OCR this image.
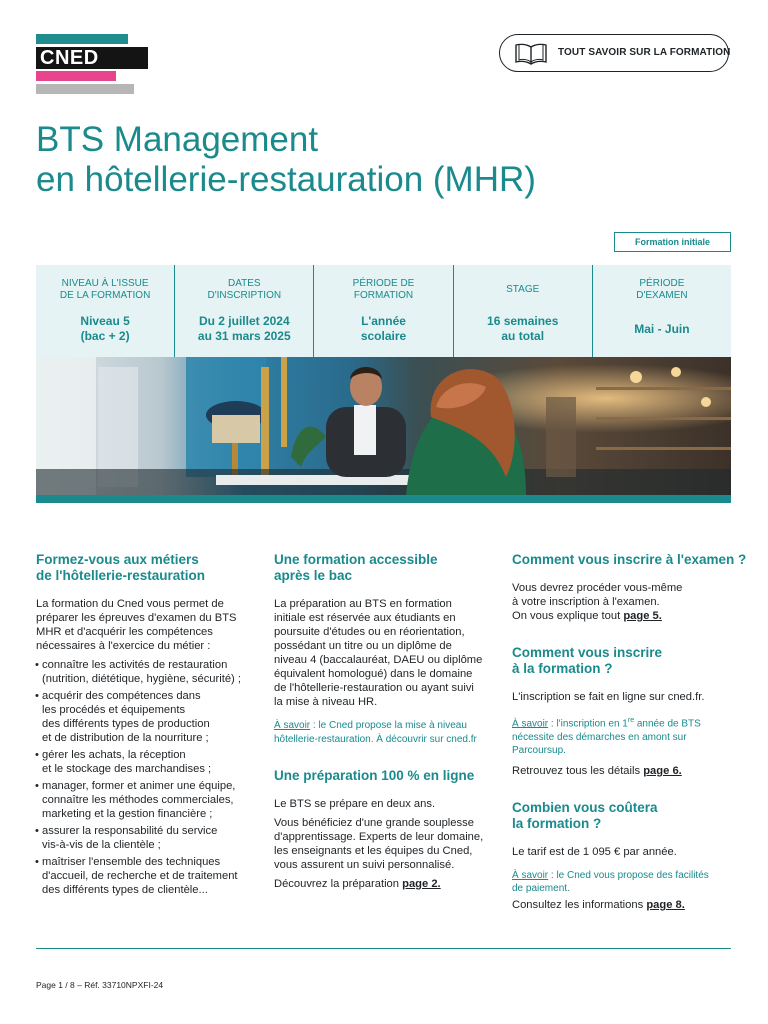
CNED	TOUT SAVOIR SUR LA FORMATION
BTS Management
en hôtellerie-restauration (MHR)
Formation initiale
NIVEAU À L'ISSUE
DE LA FORMATION
Niveau 5
(bac + 2)
DATES
D'INSCRIPTION
Du 2 juillet 2024
au 31 mars 2025
PÉRIODE DE
FORMATION
L'année
scolaire
STAGE
16 semaines
au total
PÉRIODE
D'EXAMEN
Mai - Juin
Formez-vous aux métiers
de l'hôtellerie-restauration

La formation du Cned vous permet de
préparer les épreuves d'examen du BTS
MHR et d'acquérir les compétences
nécessaires à l'exercice du métier :

• connaître les activités de restauration
(nutrition, diététique, hygiène, sécurité) ;
• acquérir des compétences dans
les procédés et équipements
des différents types de production
et de distribution de la nourriture ;
• gérer les achats, la réception
et le stockage des marchandises ;
• manager, former et animer une équipe,
connaître les méthodes commerciales,
marketing et la gestion financière ;
• assurer la responsabilité du service
vis-à-vis de la clientèle ;
• maîtriser l'ensemble des techniques
d'accueil, de recherche et de traitement
des différents types de clientèle...
Une formation accessible
après le bac

La préparation au BTS en formation
initiale est réservée aux étudiants en
poursuite d'études ou en réorientation,
possédant un titre ou un diplôme de
niveau 4 (baccalauréat, DAEU ou diplôme
équivalent homologué) dans le domaine
de l'hôtellerie-restauration ou ayant suivi
la mise à niveau HR.

À savoir : le Cned propose la mise à niveau
hôtellerie-restauration. À découvrir sur cned.fr
Une préparation 100 % en ligne

Le BTS se prépare en deux ans.

Vous bénéficiez d'une grande souplesse
d'apprentissage. Experts de leur domaine,
les enseignants et les équipes du Cned,
vous assurent un suivi personnalisé.

Découvrez la préparation page 2.

Comment vous inscrire à l'examen ?

Vous devrez procéder vous-même
à votre inscription à l'examen.
On vous explique tout page 5.

Comment vous inscrire
à la formation ?

L'inscription se fait en ligne sur cned.fr.

À savoir : l'inscription en 1re année de BTS
nécessite des démarches en amont sur
Parcoursup.

Retrouvez tous les détails page 6.

Combien vous coûtera
la formation ?

Le tarif est de 1 095 € par année.

À savoir : le Cned vous propose des facilités
de paiement.

Consultez les informations page 8.

Page 1 / 8 – Réf. 33710NPXFI-24
